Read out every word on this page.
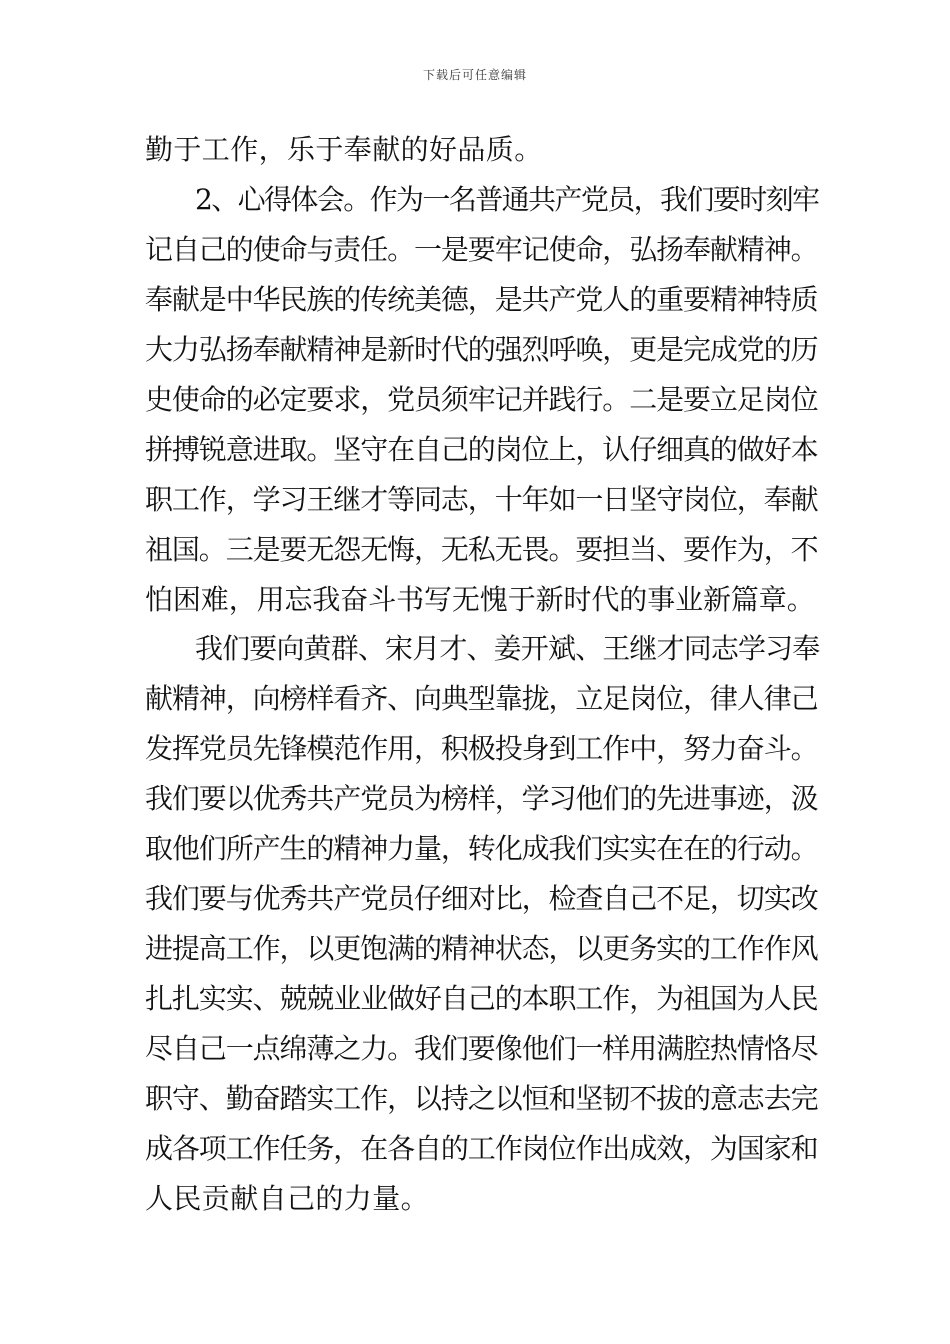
下载后可任意编辑
勤于工作，乐于奉献的好品质。
2、心得体会。作为一名普通共产党员，我们要时刻牢
记自己的使命与责任。一是要牢记使命，弘扬奉献精神。
奉献是中华民族的传统美德，是共产党人的重要精神特质
大力弘扬奉献精神是新时代的强烈呼唤，更是完成党的历
史使命的必定要求，党员须牢记并践行。二是要立足岗位
拼搏锐意进取。坚守在自己的岗位上，认仔细真的做好本
职工作，学习王继才等同志，十年如一日坚守岗位，奉献
祖国。三是要无怨无悔，无私无畏。要担当、要作为，不
怕困难，用忘我奋斗书写无愧于新时代的事业新篇章。
我们要向黄群、宋月才、姜开斌、王继才同志学习奉
献精神，向榜样看齐、向典型靠拢，立足岗位，律人律己
发挥党员先锋模范作用，积极投身到工作中，努力奋斗。
我们要以优秀共产党员为榜样，学习他们的先进事迹，汲
取他们所产生的精神力量，转化成我们实实在在的行动。
我们要与优秀共产党员仔细对比，检查自己不足，切实改
进提高工作，以更饱满的精神状态，以更务实的工作作风
扎扎实实、兢兢业业做好自己的本职工作，为祖国为人民
尽自己一点绵薄之力。我们要像他们一样用满腔热情恪尽
职守、勤奋踏实工作，以持之以恒和坚韧不拔的意志去完
成各项工作任务，在各自的工作岗位作出成效，为国家和
人民贡献自己的力量。
